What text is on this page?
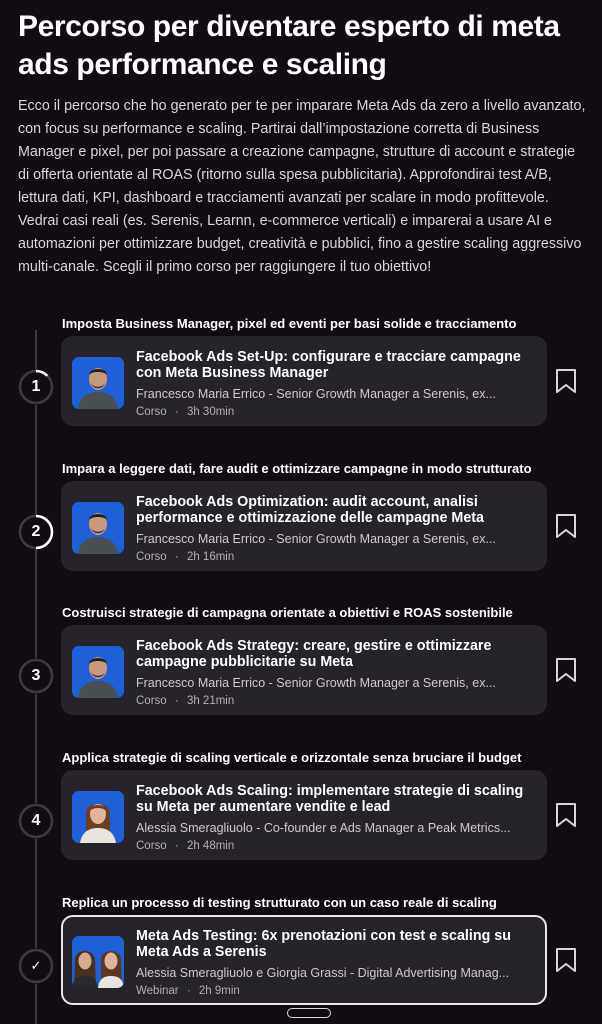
Percorso per diventare esperto di meta ads performance e scaling

Ecco il percorso che ho generato per te per imparare Meta Ads da zero a livello avanzato, con focus su performance e scaling. Partirai dall’impostazione corretta di Business Manager e pixel, per poi passare a creazione campagne, strutture di account e strategie di offerta orientate al ROAS (ritorno sulla spesa pubblicitaria). Approfondirai test A/B, lettura dati, KPI, dashboard e tracciamenti avanzati per scalare in modo profittevole. Vedrai casi reali (es. Serenis, Learnn, e-commerce verticali) e imparerai a usare AI e automazioni per ottimizzare budget, creatività e pubblici, fino a gestire scaling aggressivo multi-canale. Scegli il primo corso per raggiungere il tuo obiettivo!

Imposta Business Manager, pixel ed eventi per basi solide e tracciamento
1
Facebook Ads Set-Up: configurare e tracciare campagne con Meta Business Manager
Francesco Maria Errico - Senior Growth Manager a Serenis, ex...
Corso · 3h 30min
Impara a leggere dati, fare audit e ottimizzare campagne in modo strutturato
2
Facebook Ads Optimization: audit account, analisi performance e ottimizzazione delle campagne Meta
Francesco Maria Errico - Senior Growth Manager a Serenis, ex...
Corso · 2h 16min
Costruisci strategie di campagna orientate a obiettivi e ROAS sostenibile
3
Facebook Ads Strategy: creare, gestire e ottimizzare campagne pubblicitarie su Meta
Francesco Maria Errico - Senior Growth Manager a Serenis, ex...
Corso · 3h 21min
Applica strategie di scaling verticale e orizzontale senza bruciare il budget
4
Facebook Ads Scaling: implementare strategie di scaling su Meta per aumentare vendite e lead
Alessia Smeragliuolo - Co-founder e Ads Manager a Peak Metrics...
Corso · 2h 48min
Replica un processo di testing strutturato con un caso reale di scaling
✓
Meta Ads Testing: 6x prenotazioni con test e scaling su Meta Ads a Serenis
Alessia Smeragliuolo e Giorgia Grassi - Digital Advertising Manag...
Webinar · 2h 9min
